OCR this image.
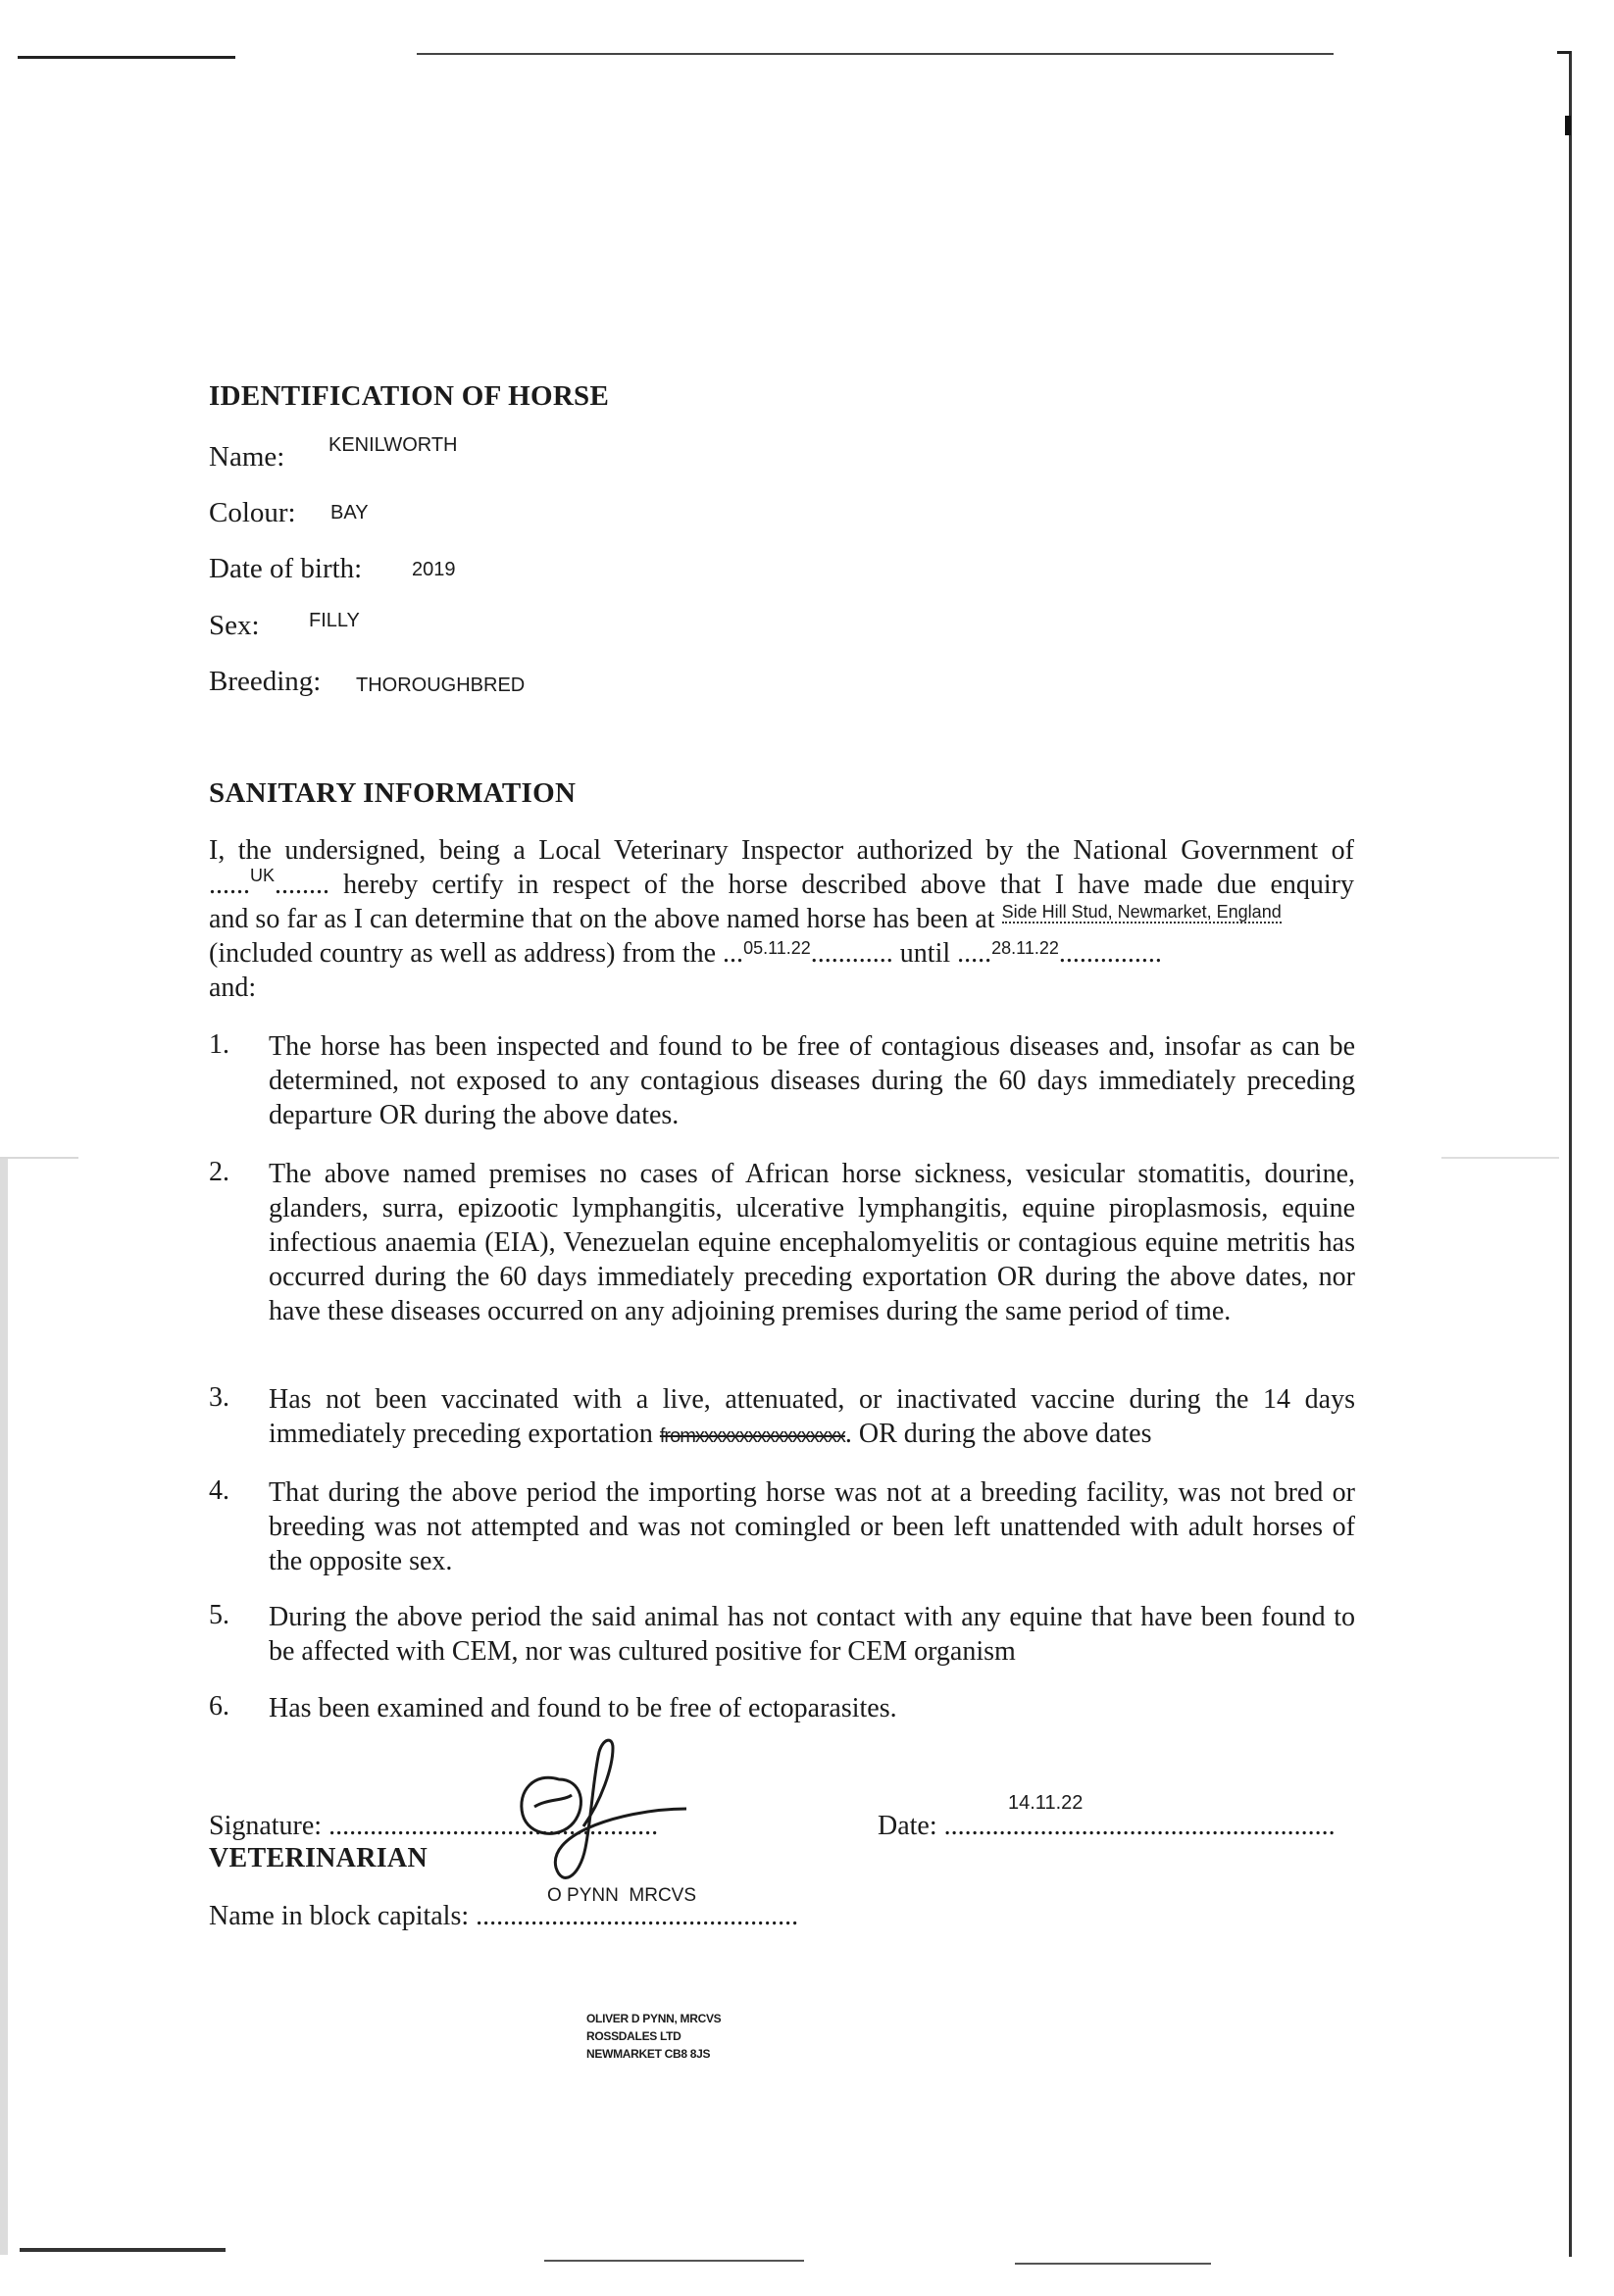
IDENTIFICATION OF HORSE
Name: KENILWORTH
Colour: BAY
Date of birth:	2019
Sex:	FILLY
Breeding: THOROUGHBRED
SANITARY INFORMATION
I, the undersigned, being a Local Veterinary Inspector authorized by the National Government of
......$^{UK}$........ hereby certify in respect of the horse described above that I have made due enquiry
and so far as I can determine that on the above named horse has been at $^{Side Hill Stud, Newmarket, England}$
(included country as well as address) from the ...$^{05.11.22}$............ until .....$^{28.11.22}$...............
and:
1. The horse has been inspected and found to be free of contagious diseases and, insofar as can be determined, not exposed to any contagious diseases during the 60 days immediately preceding departure OR during the above dates.
2. The above named premises no cases of African horse sickness, vesicular stomatitis, dourine, glanders, surra, epizootic lymphangitis, ulcerative lymphangitis, equine piroplasmosis, equine infectious anaemia (EIA), Venezuelan equine encephalomyelitis or contagious equine metritis has occurred during the 60 days immediately preceding exportation OR during the above dates, nor have these diseases occurred on any adjoining premises during the same period of time.
3. Has not been vaccinated with a live, attenuated, or inactivated vaccine during the 14 days
immediately preceding exportation fromxxxxxxxxxxxxxxxxx. OR during the above dates
4. That during the above period the importing horse was not at a breeding facility, was not bred or breeding was not attempted and was not comingled or been left unattended with adult horses of the opposite sex.
5. During the above period the said animal has not contact with any equine that have been found to be affected with CEM, nor was cultured positive for CEM organism
6. Has been examined and found to be free of ectoparasites.
Signature: ................................................
14.11.22
Date: .........................................................
VETERINARIAN
O PYNN  MRCVS
Name in block capitals: ...............................................
OLIVER D PYNN, MRCVS
ROSSDALES LTD
NEWMARKET CB8 8JS
